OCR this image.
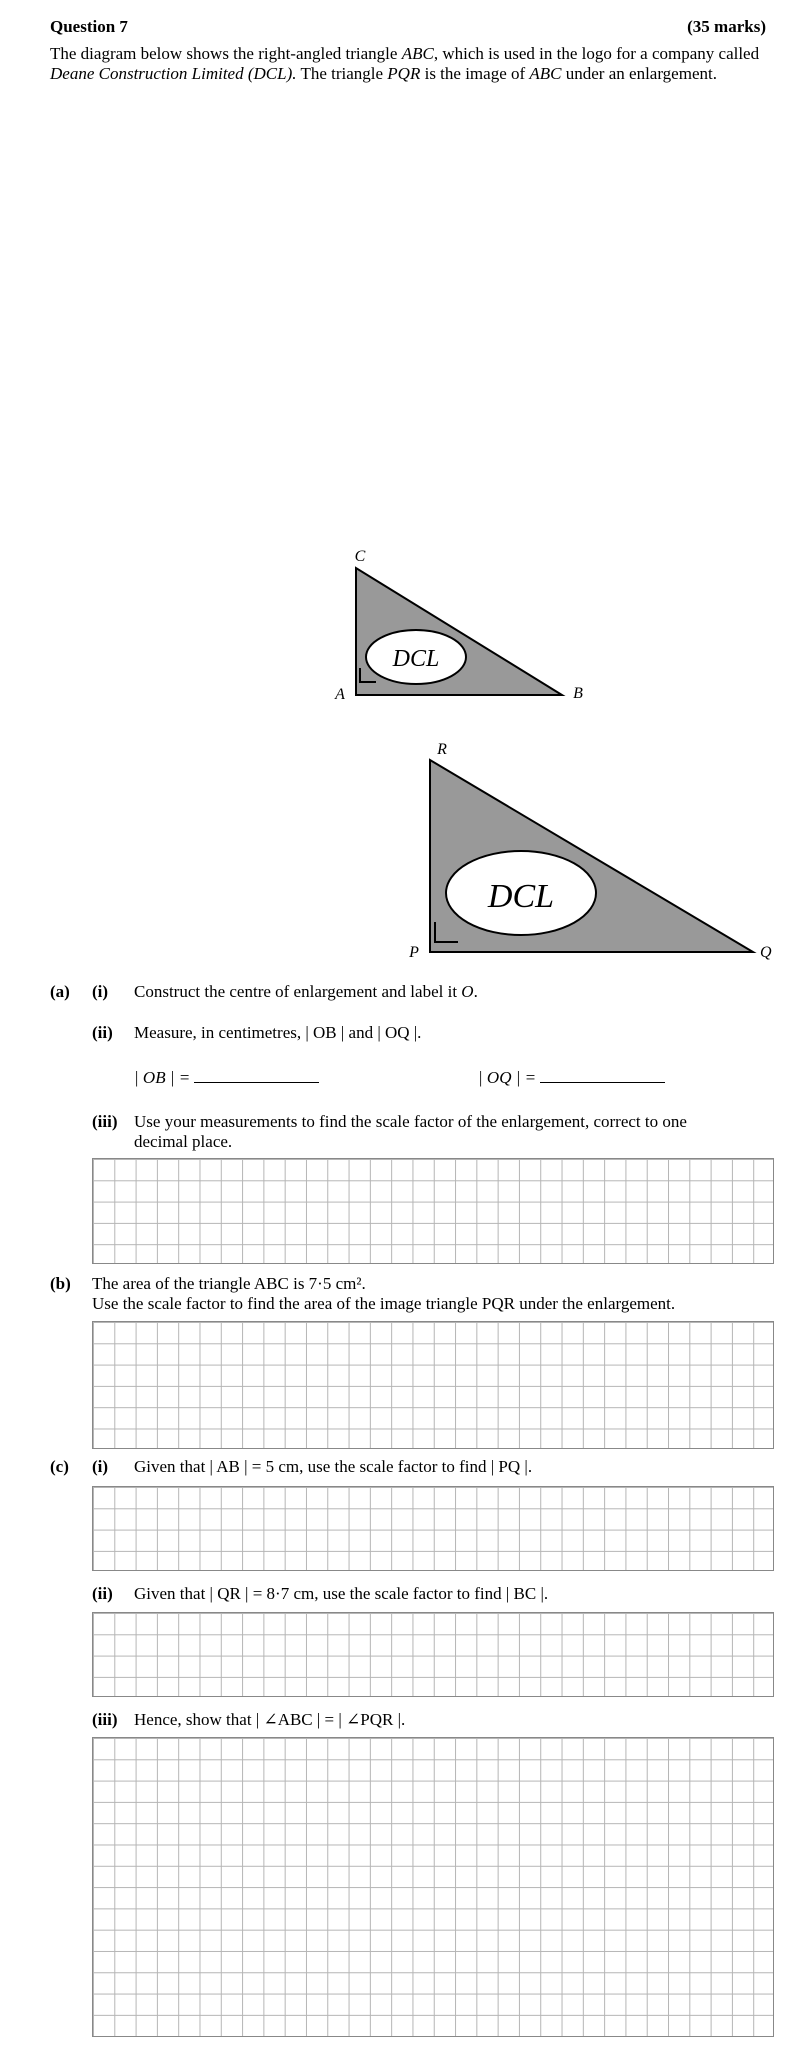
Question 7	(35 marks)
The diagram below shows the right-angled triangle ABC, which is used in the logo for a company called Deane Construction Limited (DCL). The triangle PQR is the image of ABC under an enlargement.
DCL
C
A	B
DCL
R
P	Q
(a) (i) Construct the centre of enlargement and label it O.
(ii) Measure, in centimetres, | OB | and | OQ |.
| OB | =	| OQ | =
(iii) Use your measurements to find the scale factor of the enlargement, correct to one
decimal place.
(b) The area of the triangle ABC is 7·5 cm².
Use the scale factor to find the area of the image triangle PQR under the enlargement.
(c) (i) Given that | AB | = 5 cm, use the scale factor to find | PQ |.
(ii) Given that | QR | = 8·7 cm, use the scale factor to find | BC |.
(iii) Hence, show that | ∠ABC | = | ∠PQR |.
